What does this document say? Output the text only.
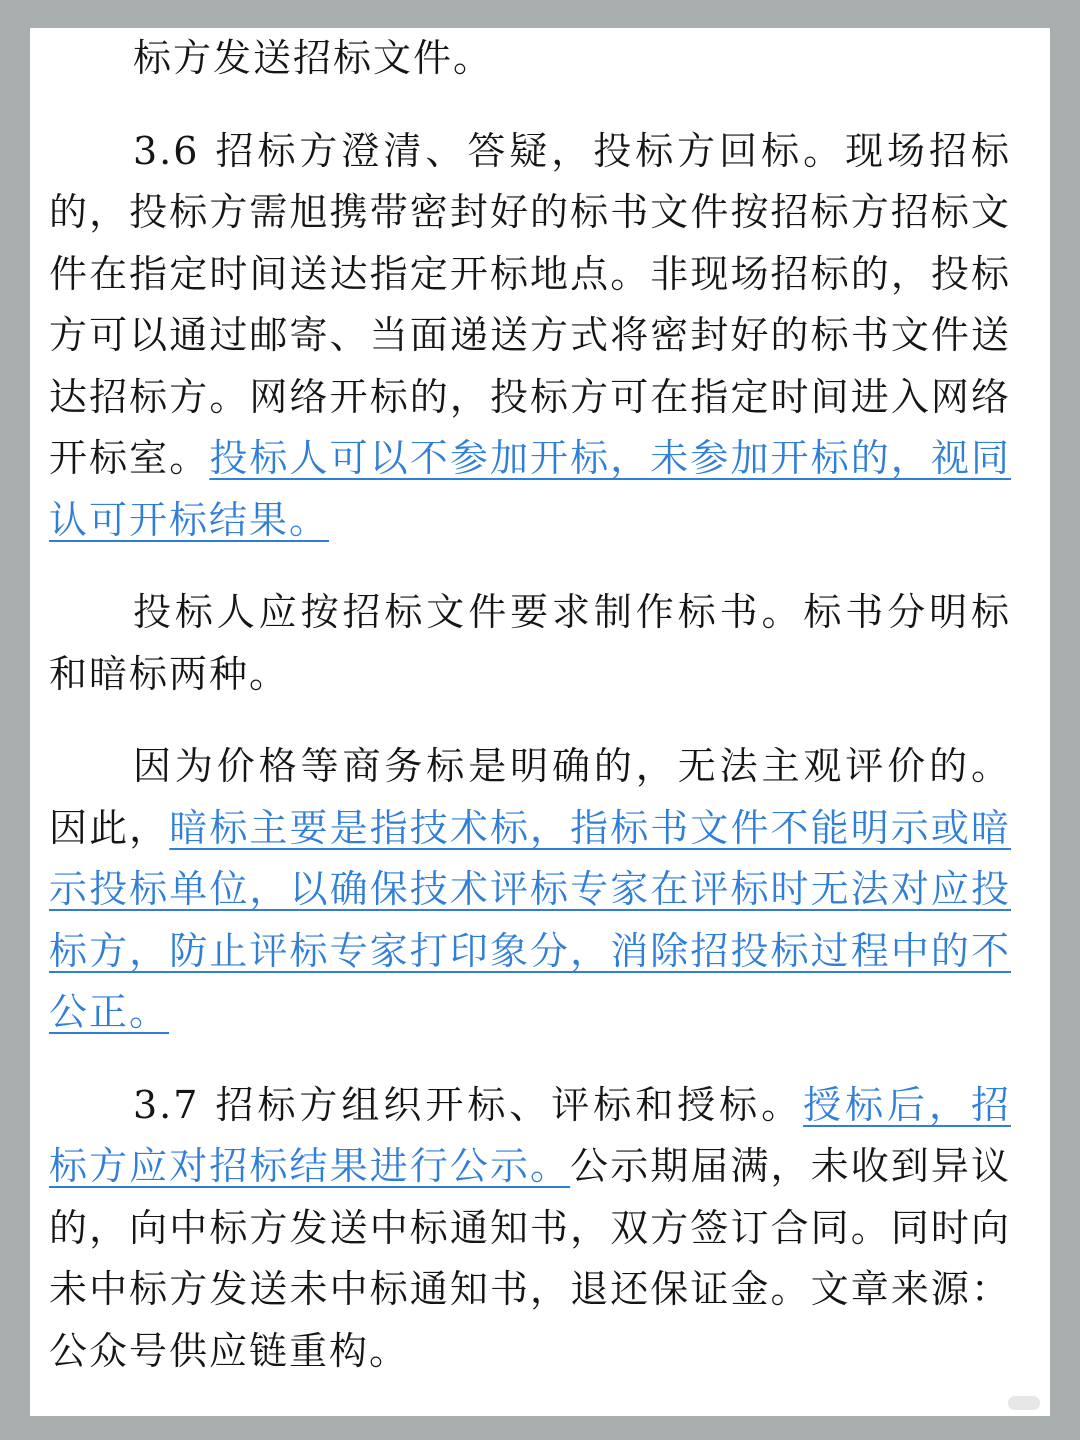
标方发送招标文件。

3.6 招标方澄清、答疑，投标方回标。现场招标的，投标方需旭携带密封好的标书文件按招标方招标文件在指定时间送达指定开标地点。非现场招标的，投标方可以通过邮寄、当面递送方式将密封好的标书文件送达招标方。网络开标的，投标方可在指定时间进入网络开标室。投标人可以不参加开标，未参加开标的，视同认可开标结果。

投标人应按招标文件要求制作标书。标书分明标和暗标两种。

因为价格等商务标是明确的，无法主观评价的。因此，暗标主要是指技术标，指标书文件不能明示或暗示投标单位，以确保技术评标专家在评标时无法对应投标方，防止评标专家打印象分，消除招投标过程中的不公正。

3.7 招标方组织开标、评标和授标。授标后，招标方应对招标结果进行公示。公示期届满，未收到异议的，向中标方发送中标通知书，双方签订合同。同时向未中标方发送未中标通知书，退还保证金。文章来源：公众号供应链重构。
